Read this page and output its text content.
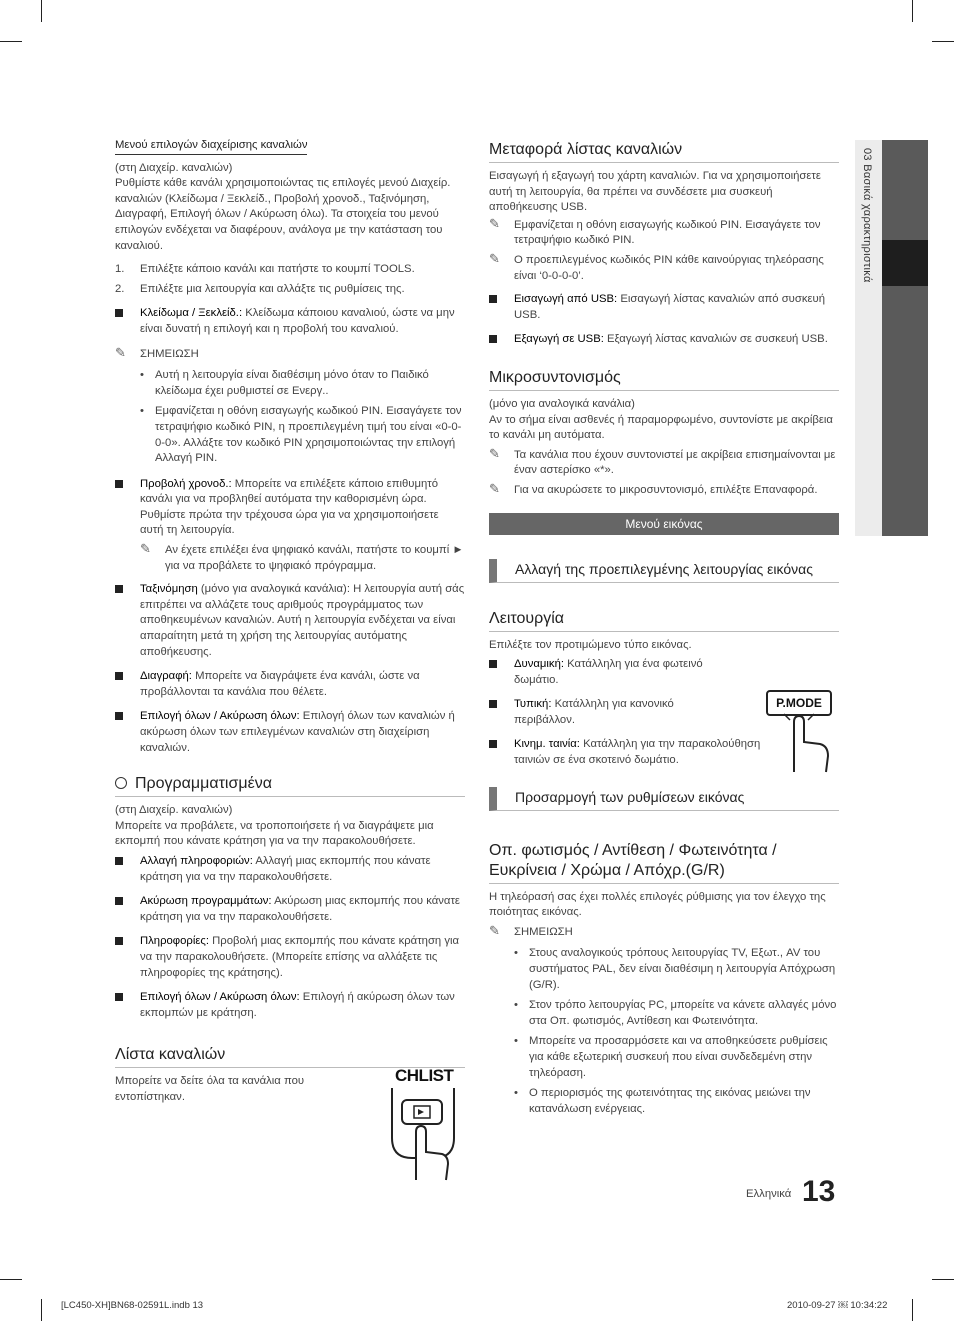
03 Βασικά χαρακτηριστικά
Μενού επιλογών διαχείρισης καναλιών

(στη Διαχείρ. καναλιών)

Ρυθμίστε κάθε κανάλι χρησιμοποιώντας τις επιλογές μενού Διαχείρ. καναλιών (Κλείδωμα / Ξεκλείδ., Προβολή χρονοδ., Ταξινόμηση, Διαγραφή, Επιλογή όλων / Ακύρωση όλω). Τα στοιχεία του μενού επιλογών ενδέχεται να διαφέρουν, ανάλογα με την κατάσταση του καναλιού.

1. Επιλέξτε κάποιο κανάλι και πατήστε το κουμπί TOOLS.
2. Επιλέξτε μια λειτουργία και αλλάξτε τις ρυθμίσεις της.
Κλείδωμα / Ξεκλείδ.: Κλείδωμα κάποιου καναλιού, ώστε να μην είναι δυνατή η επιλογή και η προβολή του καναλιού.
✎ ΣΗΜΕΙΩΣΗ
• Αυτή η λειτουργία είναι διαθέσιμη μόνο όταν το Παιδικό κλείδωμα έχει ρυθμιστεί σε Ενεργ..
• Εμφανίζεται η οθόνη εισαγωγής κωδικού PIN. Εισαγάγετε τον τετραψήφιο κωδικό PIN, η προεπιλεγμένη τιμή του είναι «0-0-0-0». Αλλάξτε τον κωδικό PIN χρησιμοποιώντας την επιλογή Αλλαγή PIN.
Προβολή χρονοδ.: Μπορείτε να επιλέξετε κάποιο επιθυμητό κανάλι για να προβληθεί αυτόματα την καθορισμένη ώρα. Ρυθμίστε πρώτα την τρέχουσα ώρα για να χρησιμοποιήσετε αυτή τη λειτουργία.
✎ Αν έχετε επιλέξει ένα ψηφιακό κανάλι, πατήστε το κουμπί ► για να προβάλετε το ψηφιακό πρόγραμμα.
Ταξινόμηση (μόνο για αναλογικά κανάλια): Η λειτουργία αυτή σάς επιτρέπει να αλλάζετε τους αριθμούς προγράμματος των αποθηκευμένων καναλιών. Αυτή η λειτουργία ενδέχεται να είναι απαραίτητη μετά τη χρήση της λειτουργίας αυτόματης αποθήκευσης.
Διαγραφή: Μπορείτε να διαγράψετε ένα κανάλι, ώστε να προβάλλονται τα κανάλια που θέλετε.
Επιλογή όλων / Ακύρωση όλων: Επιλογή όλων των καναλιών ή ακύρωση όλων των επιλεγμένων καναλιών στη διαχείριση καναλιών.
Προγραμματισμένα

(στη Διαχείρ. καναλιών)

Μπορείτε να προβάλετε, να τροποποιήσετε ή να διαγράψετε μια εκπομπή που κάνατε κράτηση για να την παρακολουθήσετε.

Αλλαγή πληροφοριών: Αλλαγή μιας εκπομπής που κάνατε κράτηση για να την παρακολουθήσετε.
Ακύρωση προγραμμάτων: Ακύρωση μιας εκπομπής που κάνατε κράτηση για να την παρακολουθήσετε.
Πληροφορίες: Προβολή μιας εκπομπής που κάνατε κράτηση για να την παρακολουθήσετε. (Μπορείτε επίσης να αλλάξετε τις πληροφορίες της κράτησης).
Επιλογή όλων / Ακύρωση όλων: Επιλογή ή ακύρωση όλων των εκπομπών με κράτηση.
Λίστα καναλιών

Μπορείτε να δείτε όλα τα κανάλια που εντοπίστηκαν.

CHLIST
Μεταφορά λίστας καναλιών

Εισαγωγή ή εξαγωγή του χάρτη καναλιών. Για να χρησιμοποιήσετε αυτή τη λειτουργία, θα πρέπει να συνδέσετε μια συσκευή αποθήκευσης USB.

✎ Εμφανίζεται η οθόνη εισαγωγής κωδικού PIN. Εισαγάγετε τον τετραψήφιο κωδικό PIN.
✎ Ο προεπιλεγμένος κωδικός PIN κάθε καινούργιας τηλεόρασης είναι ‘0-0-0-0’.
Εισαγωγή από USB: Εισαγωγή λίστας καναλιών από συσκευή USB.
Εξαγωγή σε USB: Εξαγωγή λίστας καναλιών σε συσκευή USB.
Μικροσυντονισμός

(μόνο για αναλογικά κανάλια)

Αν το σήμα είναι ασθενές ή παραμορφωμένο, συντονίστε με ακρίβεια το κανάλι μη αυτόματα.

✎ Τα κανάλια που έχουν συντονιστεί με ακρίβεια επισημαίνονται με έναν αστερίσκο «*».
✎ Για να ακυρώσετε το μικροσυντονισμό, επιλέξτε Επαναφορά.
Μενού εικόνας
Αλλαγή της προεπιλεγμένης λειτουργίας εικόνας
Λειτουργία

Επιλέξτε τον προτιμώμενο τύπο εικόνας.

Δυναμική: Κατάλληλη για ένα φωτεινό δωμάτιο.
Τυπική: Κατάλληλη για κανονικό περιβάλλον.
Κινημ. ταινία: Κατάλληλη για την παρακολούθηση ταινιών σε ένα σκοτεινό δωμάτιο.
Προσαρμογή των ρυθμίσεων εικόνας
Οπ. φωτισμός / Αντίθεση / Φωτεινότητα / Ευκρίνεια / Χρώμα / Απόχρ.(G/R)

Η τηλεόρασή σας έχει πολλές επιλογές ρύθμισης για τον έλεγχο της ποιότητας εικόνας.

✎ ΣΗΜΕΙΩΣΗ
• Στους αναλογικούς τρόπους λειτουργίας TV, Εξωτ., AV του συστήματος PAL, δεν είναι διαθέσιμη η λειτουργία Απόχρωση (G/R).
• Στον τρόπο λειτουργίας PC, μπορείτε να κάνετε αλλαγές μόνο στα Οπ. φωτισμός, Αντίθεση και Φωτεινότητα.
• Μπορείτε να προσαρμόσετε και να αποθηκεύσετε ρυθμίσεις για κάθε εξωτερική συσκευή που είναι συνδεδεμένη στην τηλεόραση.
• Ο περιορισμός της φωτεινότητας της εικόνας μειώνει την κατανάλωση ενέργειας.
P.MODE
Ελληνικά 13
[LC450-XH]BN68-02591L.indb 13	2010-09-27 ￼ 10:34:22
